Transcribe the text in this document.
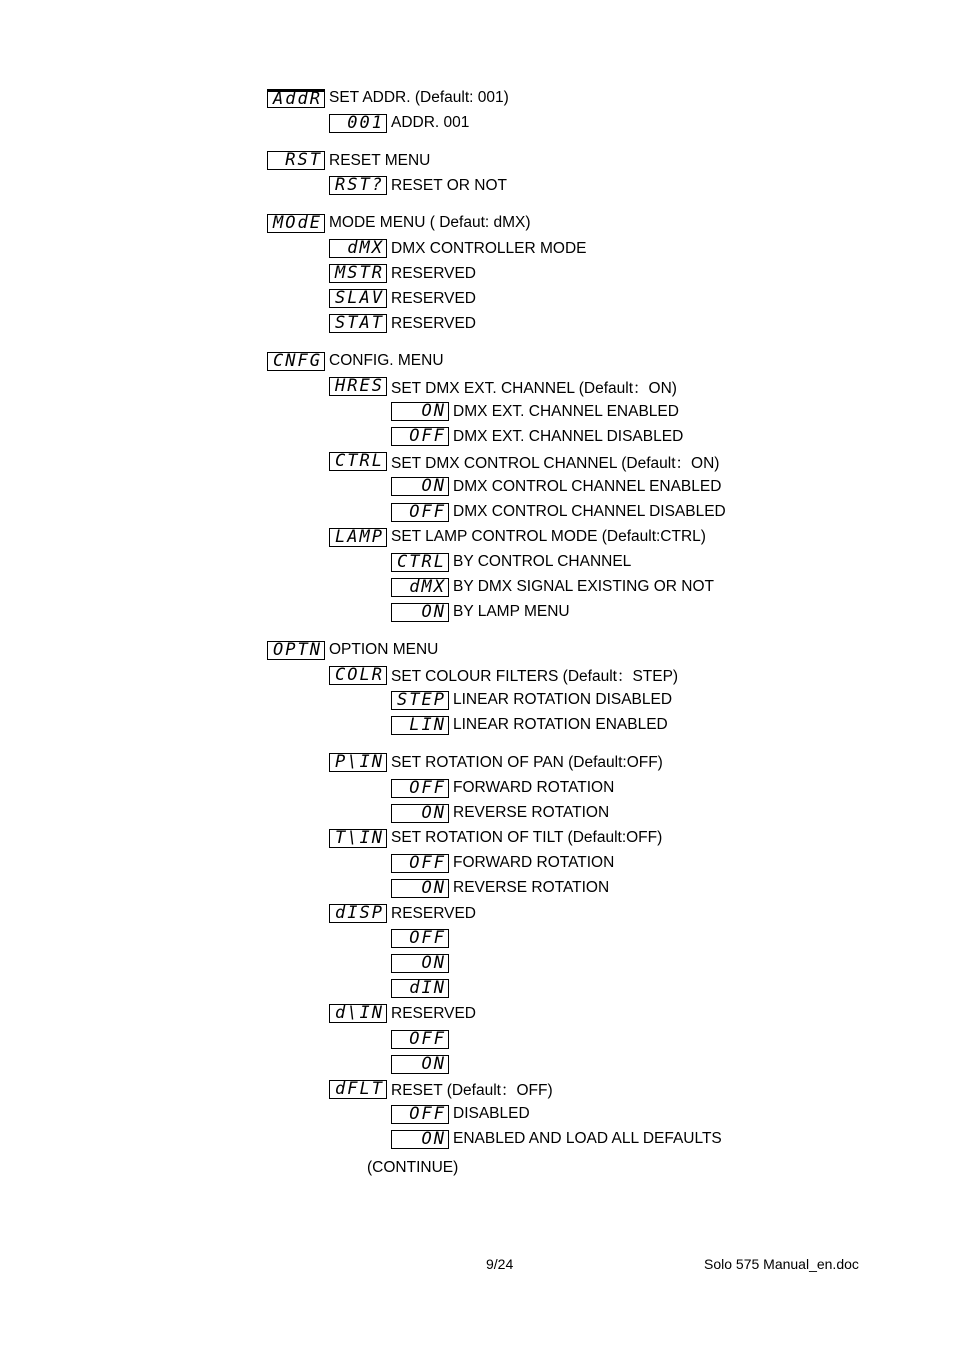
AddR SET ADDR. (Default: 001)
001 ADDR. 001
RST RESET MENU
RST? RESET OR NOT
MOdE MODE MENU ( Defaut: dMX)
dMX DMX CONTROLLER MODE
MSTR RESERVED
SLAV RESERVED
STAT RESERVED
CNFG CONFIG. MENU
HRES SET DMX EXT. CHANNEL (Default：ON)
ON DMX EXT. CHANNEL ENABLED
OFF DMX EXT. CHANNEL DISABLED
CTRL SET DMX CONTROL CHANNEL (Default：ON)
ON DMX CONTROL CHANNEL ENABLED
OFF DMX CONTROL CHANNEL DISABLED
LAMP SET LAMP CONTROL MODE (Default:CTRL)
CTRL BY CONTROL CHANNEL
dMX BY DMX SIGNAL EXISTING OR NOT
ON BY LAMP MENU
OPTN OPTION MENU
COLR SET COLOUR FILTERS (Default：STEP)
STEP LINEAR ROTATION DISABLED
LIN LINEAR ROTATION ENABLED
P\IN SET ROTATION OF PAN (Default:OFF)
OFF FORWARD ROTATION
ON REVERSE ROTATION
T\IN SET ROTATION OF TILT (Default:OFF)
OFF FORWARD ROTATION
ON REVERSE ROTATION
dISP RESERVED
OFF
ON
dIN
d\IN RESERVED
OFF
ON
dFLT RESET (Default：OFF)
OFF DISABLED
ON ENABLED AND LOAD ALL DEFAULTS
(CONTINUE)
9/24	Solo 575 Manual_en.doc
